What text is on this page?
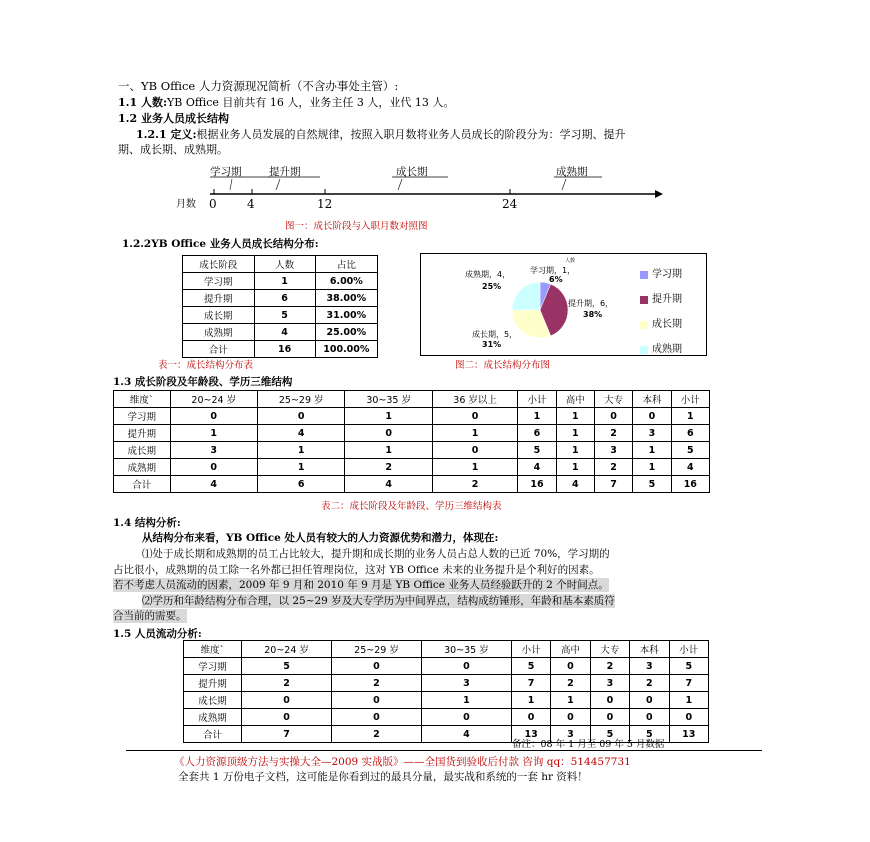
一、YB Office 人力资源现况简析（不含办事处主管）:
1.1 人数:YB Office 目前共有 16 人，业务主任 3 人，业代 13 人。
1.2 业务人员成长结构
1.2.1 定义:根据业务人员发展的自然规律，按照入职月数将业务人员成长的阶段分为：学习期、提升
期、成长期、成熟期。
学习期	提升期	成长期	成熟期
月数 0	4	12	24
图一：成长阶段与入职月数对照图
1.2.2YB Office 业务人员成长结构分布:
成长阶段	人数	占比
学习期	1	6.00%
提升期	6	38.00%
成长期	5	31.00%
成熟期	4	25.00%
合计	16	100.00%
表一：成长结构分布表
人数
学习期，1，
6%
成熟期，4，
25%
提升期，6，
38%
成长期，5，
31%
学习期
提升期
成长期
成熟期
图二：成长结构分布图
1.3 成长阶段及年龄段、学历三维结构
维度`	20~24 岁	25~29 岁	30~35 岁	36 岁以上	小计	高中	大专	本科	小计
学习期	0	0	1	0	1	1	0	0	1
提升期	1	4	0	1	6	1	2	3	6
成长期	3	1	1	0	5	1	3	1	5
成熟期	0	1	2	1	4	1	2	1	4
合计	4	6	4	2	16	4	7	5	16
表二：成长阶段及年龄段、学历三维结构表
1.4 结构分析:
从结构分布来看，YB Office 处人员有较大的人力资源优势和潜力，体现在:
⑴处于成长期和成熟期的员工占比较大，提升期和成长期的业务人员占总人数的已近 70%，学习期的
占比很小，成熟期的员工除一名外都已担任管理岗位，这对 YB Office 未来的业务提升是个利好的因素。
若不考虑人员流动的因素，2009 年 9 月和 2010 年 9 月是 YB Office 业务人员经验跃升的 2 个时间点。
⑵学历和年龄结构分布合理，以 25~29 岁及大专学历为中间界点，结构成纺锤形，年龄和基本素质符
合当前的需要。
1.5 人员流动分析:
维度`	20~24 岁	25~29 岁	30~35 岁	小计	高中	大专	本科	小计
学习期	5	0	0	5	0	2	3	5
提升期	2	2	3	7	2	3	2	7
成长期	0	0	1	1	1	0	0	1
成熟期	0	0	0	0	0	0	0	0
合计	7	2	4	13	3	5	5	13
备注：08 年 1 月至 09 年 5 月数据
《人力资源顶级方法与实操大全—2009 实战版》——全国货到验收后付款 咨询 qq：514457731
全套共 1 万份电子文档，这可能是你看到过的最具分量，最实战和系统的一套 hr 资料！
